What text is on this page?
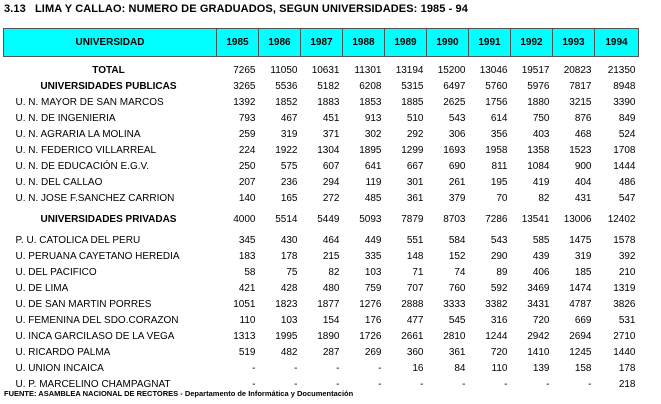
3.13 LIMA Y CALLAO: NUMERO DE GRADUADOS, SEGUN UNIVERSIDADES: 1985 - 94
UNIVERSIDAD	1985	1986	1987	1988	1989	1990	1991	1992	1993	1994

TOTAL	7265	11050	10631	11301	13194	15200	13046	19517	20823	21350
UNIVERSIDADES PUBLICAS	3265	5536	5182	6208	5315	6497	5760	5976	7817	8948
U. N. MAYOR DE SAN MARCOS	1392	1852	1883	1853	1885	2625	1756	1880	3215	3390
U. N. DE INGENIERIA	793	467	451	913	510	543	614	750	876	849
U. N. AGRARIA LA MOLINA	259	319	371	302	292	306	356	403	468	524
U. N. FEDERICO VILLARREAL	224	1922	1304	1895	1299	1693	1958	1358	1523	1708
U. N. DE EDUCACIÓN E.G.V.	250	575	607	641	667	690	811	1084	900	1444
U. N. DEL CALLAO	207	236	294	119	301	261	195	419	404	486
U. N. JOSE F.SANCHEZ CARRION	140	165	272	485	361	379	70	82	431	547

UNIVERSIDADES PRIVADAS	4000	5514	5449	5093	7879	8703	7286	13541	13006	12402

P. U. CATOLICA DEL PERU	345	430	464	449	551	584	543	585	1475	1578
U. PERUANA CAYETANO HEREDIA	183	178	215	335	148	152	290	439	319	392
U. DEL PACIFICO	58	75	82	103	71	74	89	406	185	210
U. DE LIMA	421	428	480	759	707	760	592	3469	1474	1319
U. DE SAN MARTIN PORRES	1051	1823	1877	1276	2888	3333	3382	3431	4787	3826
U. FEMENINA DEL SDO.CORAZON	110	103	154	176	477	545	316	720	669	531
U. INCA GARCILASO DE LA VEGA	1313	1995	1890	1726	2661	2810	1244	2942	2694	2710
U. RICARDO PALMA	519	482	287	269	360	361	720	1410	1245	1440
U. UNION INCAICA	-	-	-	-	16	84	110	139	158	178
U. P. MARCELINO CHAMPAGNAT	-	-	-	-	-	-	-	-	-	218
FUENTE: ASAMBLEA NACIONAL DE RECTORES - Departamento de Informática y Documentación
